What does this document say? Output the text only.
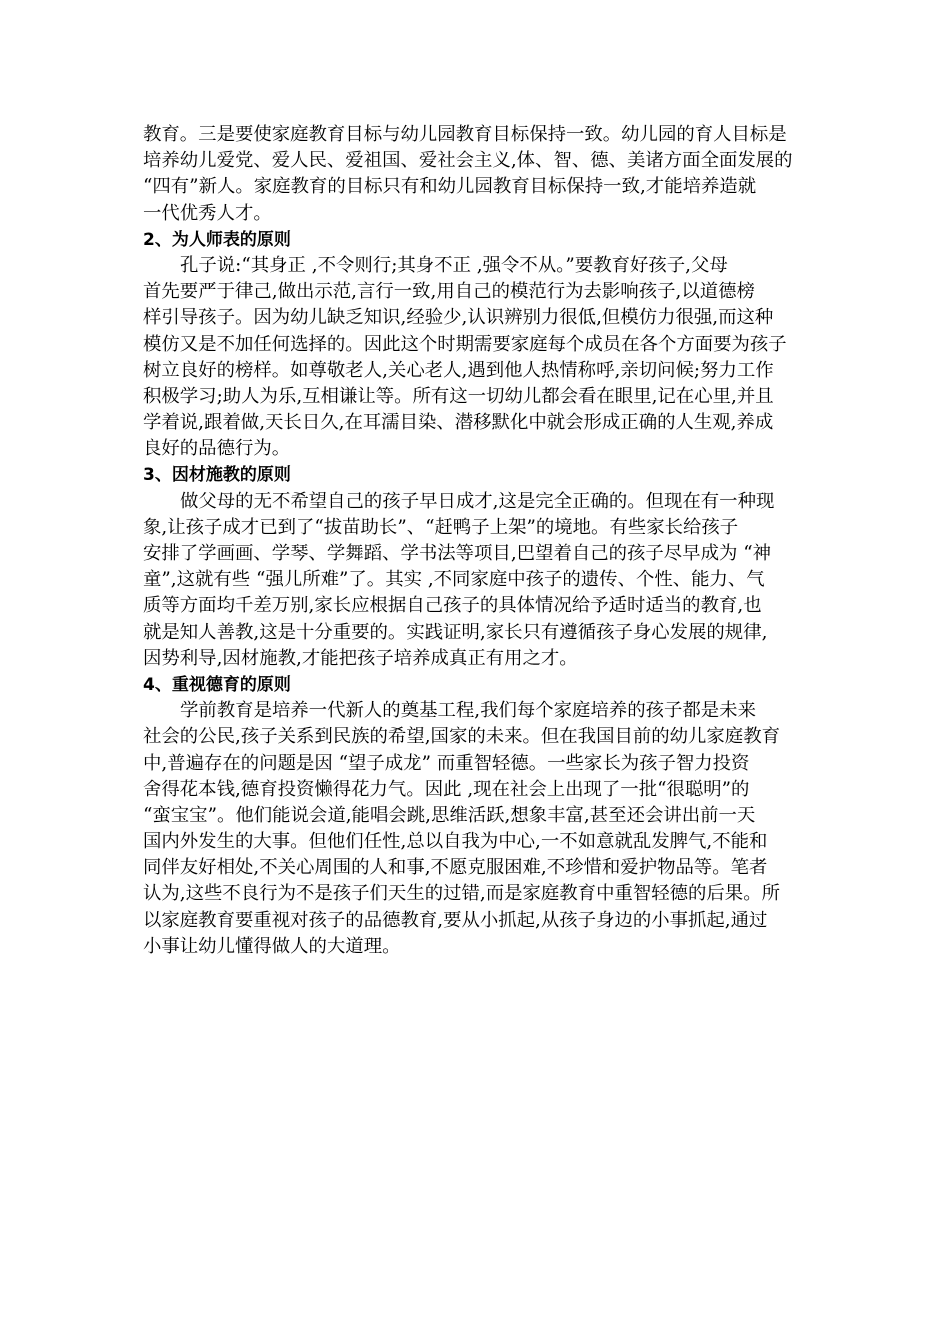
教育。三是要使家庭教育目标与幼儿园教育目标保持一致。幼儿园的育人目标是
培养幼儿爱党、爱人民、爱祖国、爱社会主义,体、智、德、美诸方面全面发展的
“四有”新人。家庭教育的目标只有和幼儿园教育目标保持一致,才能培养造就
一代优秀人才。
2、为人师表的原则
孔子说:“其身正 ,不令则行;其身不正 ,强令不从。”要教育好孩子,父母
首先要严于律己,做出示范,言行一致,用自己的模范行为去影响孩子,以道德榜
样引导孩子。因为幼儿缺乏知识,经验少,认识辨别力很低,但模仿力很强,而这种
模仿又是不加任何选择的。因此这个时期需要家庭每个成员在各个方面要为孩子
树立良好的榜样。如尊敬老人,关心老人,遇到他人热情称呼,亲切问候;努力工作
积极学习;助人为乐,互相谦让等。所有这一切幼儿都会看在眼里,记在心里,并且
学着说,跟着做,天长日久,在耳濡目染、潜移默化中就会形成正确的人生观,养成
良好的品德行为。
3、因材施教的原则
做父母的无不希望自己的孩子早日成才,这是完全正确的。但现在有一种现
象,让孩子成才已到了“拔苗助长”、“赶鸭子上架”的境地。有些家长给孩子
安排了学画画、学琴、学舞蹈、学书法等项目,巴望着自己的孩子尽早成为 “神
童”,这就有些 “强儿所难”了。其实 ,不同家庭中孩子的遗传、个性、能力、气
质等方面均千差万别,家长应根据自己孩子的具体情况给予适时适当的教育,也
就是知人善教,这是十分重要的。实践证明,家长只有遵循孩子身心发展的规律,
因势利导,因材施教,才能把孩子培养成真正有用之才。
4、重视德育的原则
学前教育是培养一代新人的奠基工程,我们每个家庭培养的孩子都是未来
社会的公民,孩子关系到民族的希望,国家的未来。但在我国目前的幼儿家庭教育
中,普遍存在的问题是因 “望子成龙” 而重智轻德。一些家长为孩子智力投资
舍得花本钱,德育投资懒得花力气。因此 ,现在社会上出现了一批“很聪明”的
“蛮宝宝”。他们能说会道,能唱会跳,思维活跃,想象丰富,甚至还会讲出前一天
国内外发生的大事。但他们任性,总以自我为中心,一不如意就乱发脾气,不能和
同伴友好相处,不关心周围的人和事,不愿克服困难,不珍惜和爱护物品等。笔者
认为,这些不良行为不是孩子们天生的过错,而是家庭教育中重智轻德的后果。所
以家庭教育要重视对孩子的品德教育,要从小抓起,从孩子身边的小事抓起,通过
小事让幼儿懂得做人的大道理。
